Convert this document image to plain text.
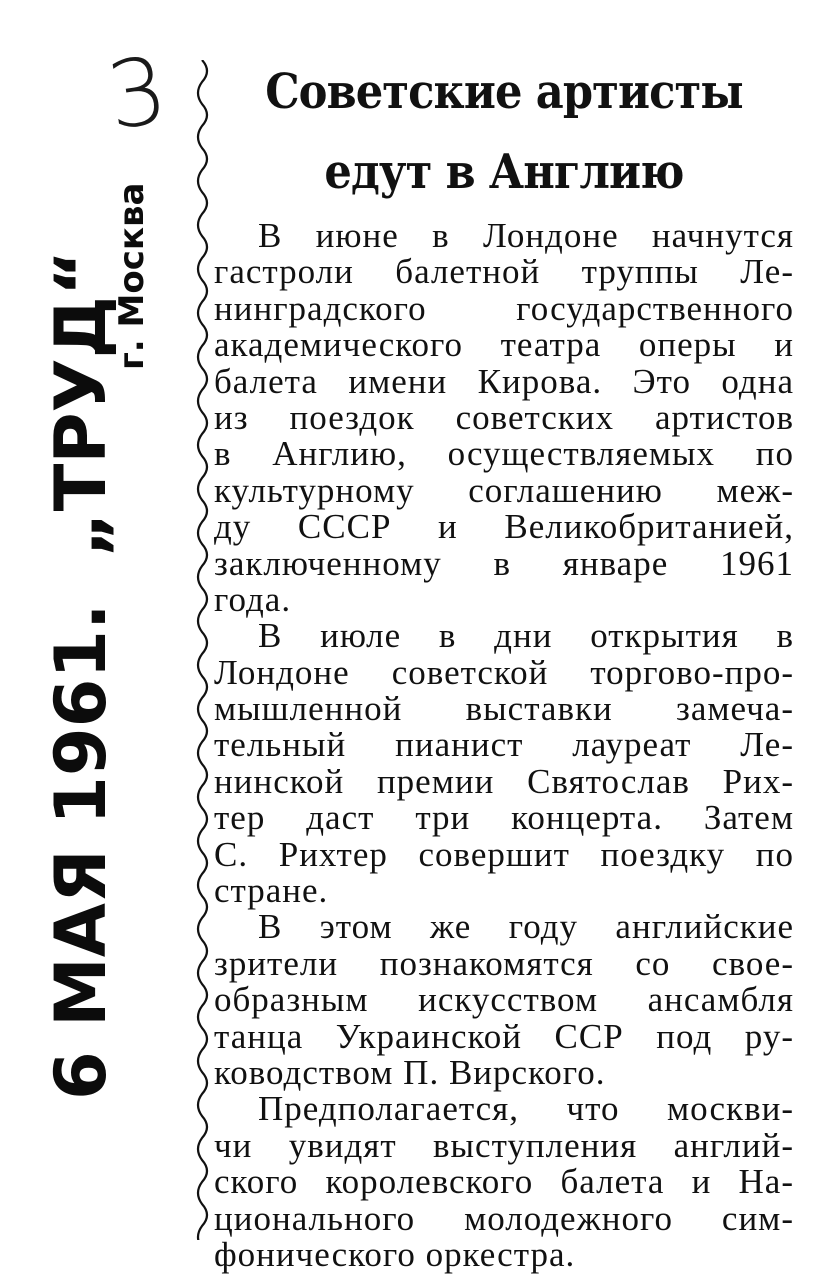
3
6 МАЯ 1961.„ТРУД“
г. Москва
Советские артисты
едут в Англию
В июне в Лондоне начнутся
гастроли балетной труппы Ле-
нинградского государственного
академического театра оперы и
балета имени Кирова. Это одна
из поездок советских артистов
в Англию, осуществляемых по
культурному соглашению меж-
ду СССР и Великобританией,
заключенному в январе 1961
года.
В июле в дни открытия в
Лондоне советской торгово-про-
мышленной выставки замеча-
тельный пианист лауреат Ле-
нинской премии Святослав Рих-
тер даст три концерта. Затем
С. Рихтер совершит поездку по
стране.
В этом же году английские
зрители познакомятся со свое-
образным искусством ансамбля
танца Украинской ССР под ру-
ководством П. Вирского.
Предполагается, что москви-
чи увидят выступления англий-
ского королевского балета и На-
ционального молодежного сим-
фонического оркестра.
